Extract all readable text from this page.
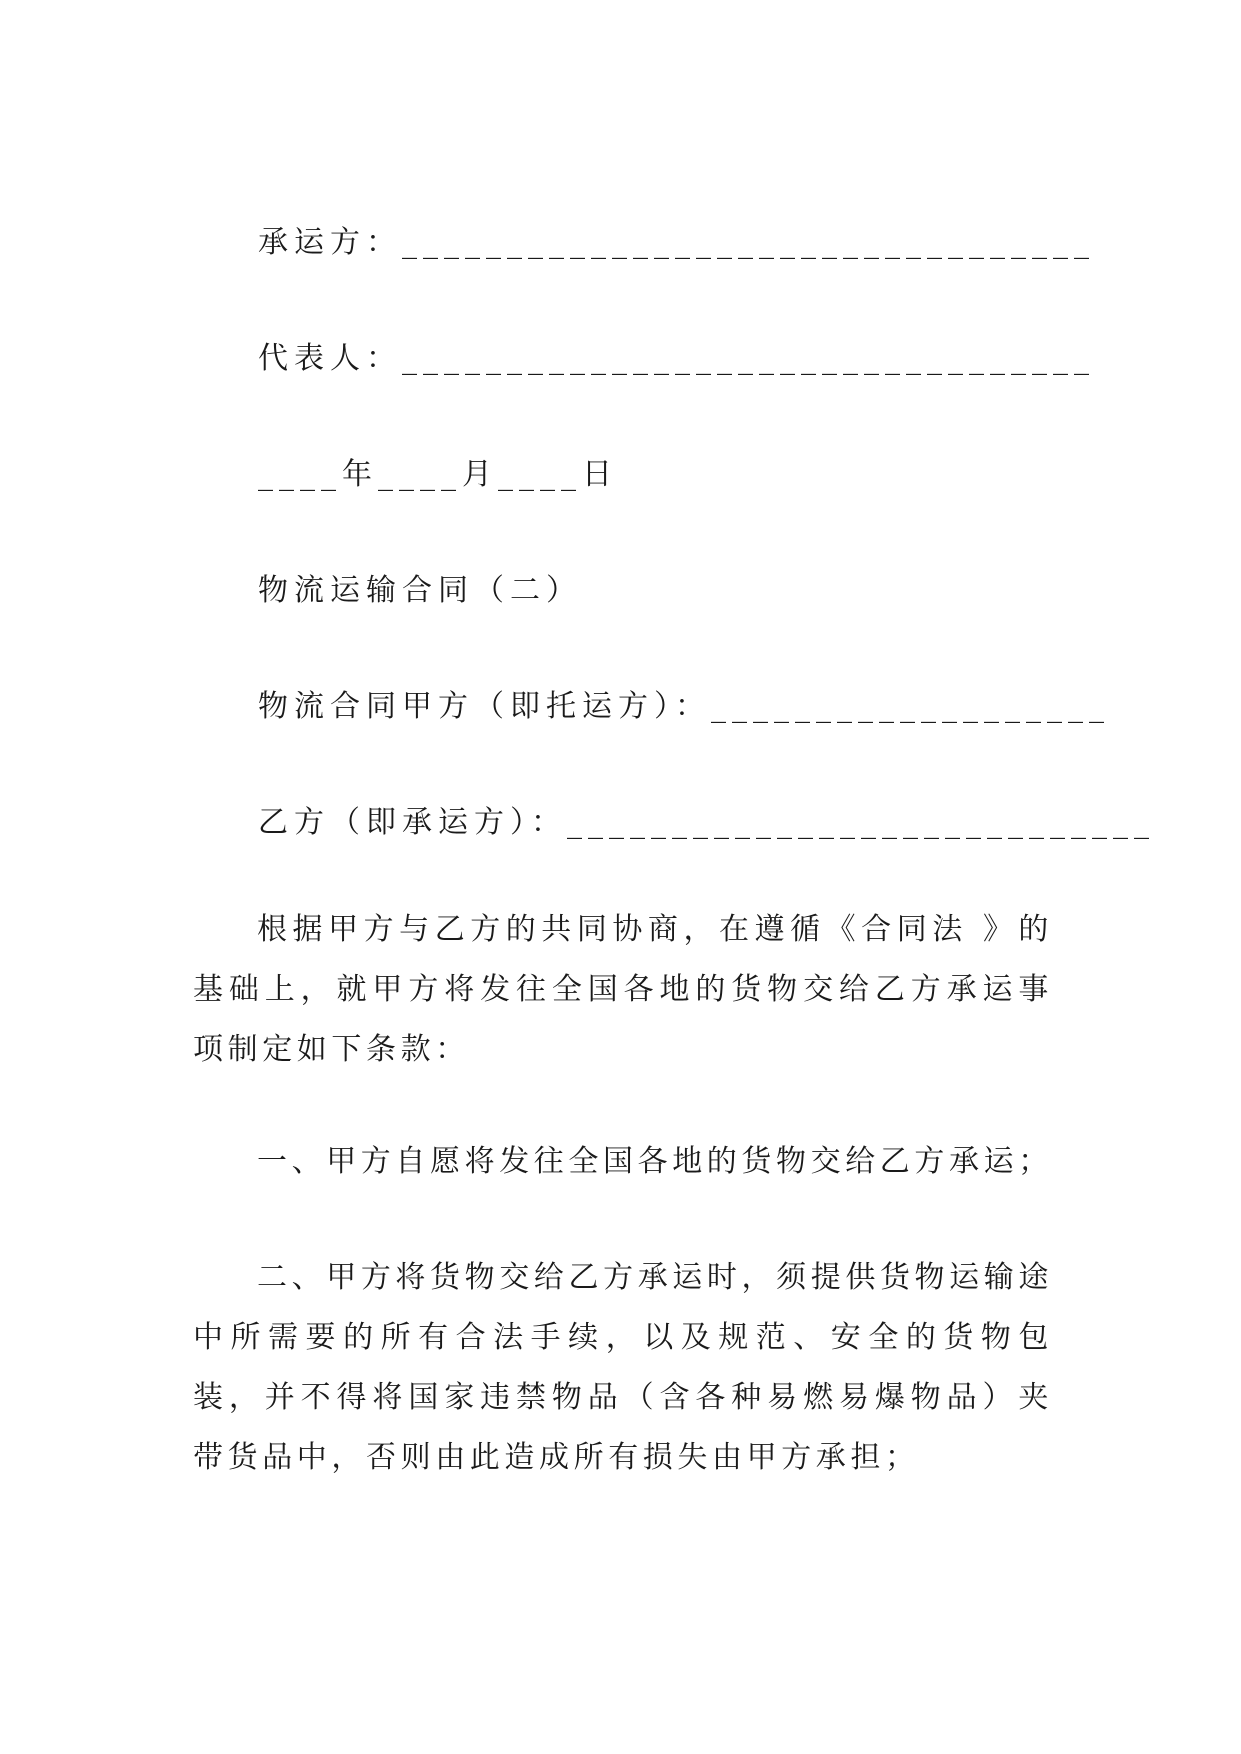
承运方：_________________________________
代表人：_________________________________
____年____月____日
物流运输合同（二）
物流合同甲方（即托运方）：___________________
乙方（即承运方）：____________________________

根据甲方与乙方的共同协商，在遵循《合同法 》的基础上，就甲方将发往全国各地的货物交给乙方承运事项制定如下条款：

一、甲方自愿将发往全国各地的货物交给乙方承运；

二、甲方将货物交给乙方承运时，须提供货物运输途中所需要的所有合法手续，以及规范、安全的货物包装，并不得将国家违禁物品（含各种易燃易爆物品）夹带货品中，否则由此造成所有损失由甲方承担；
